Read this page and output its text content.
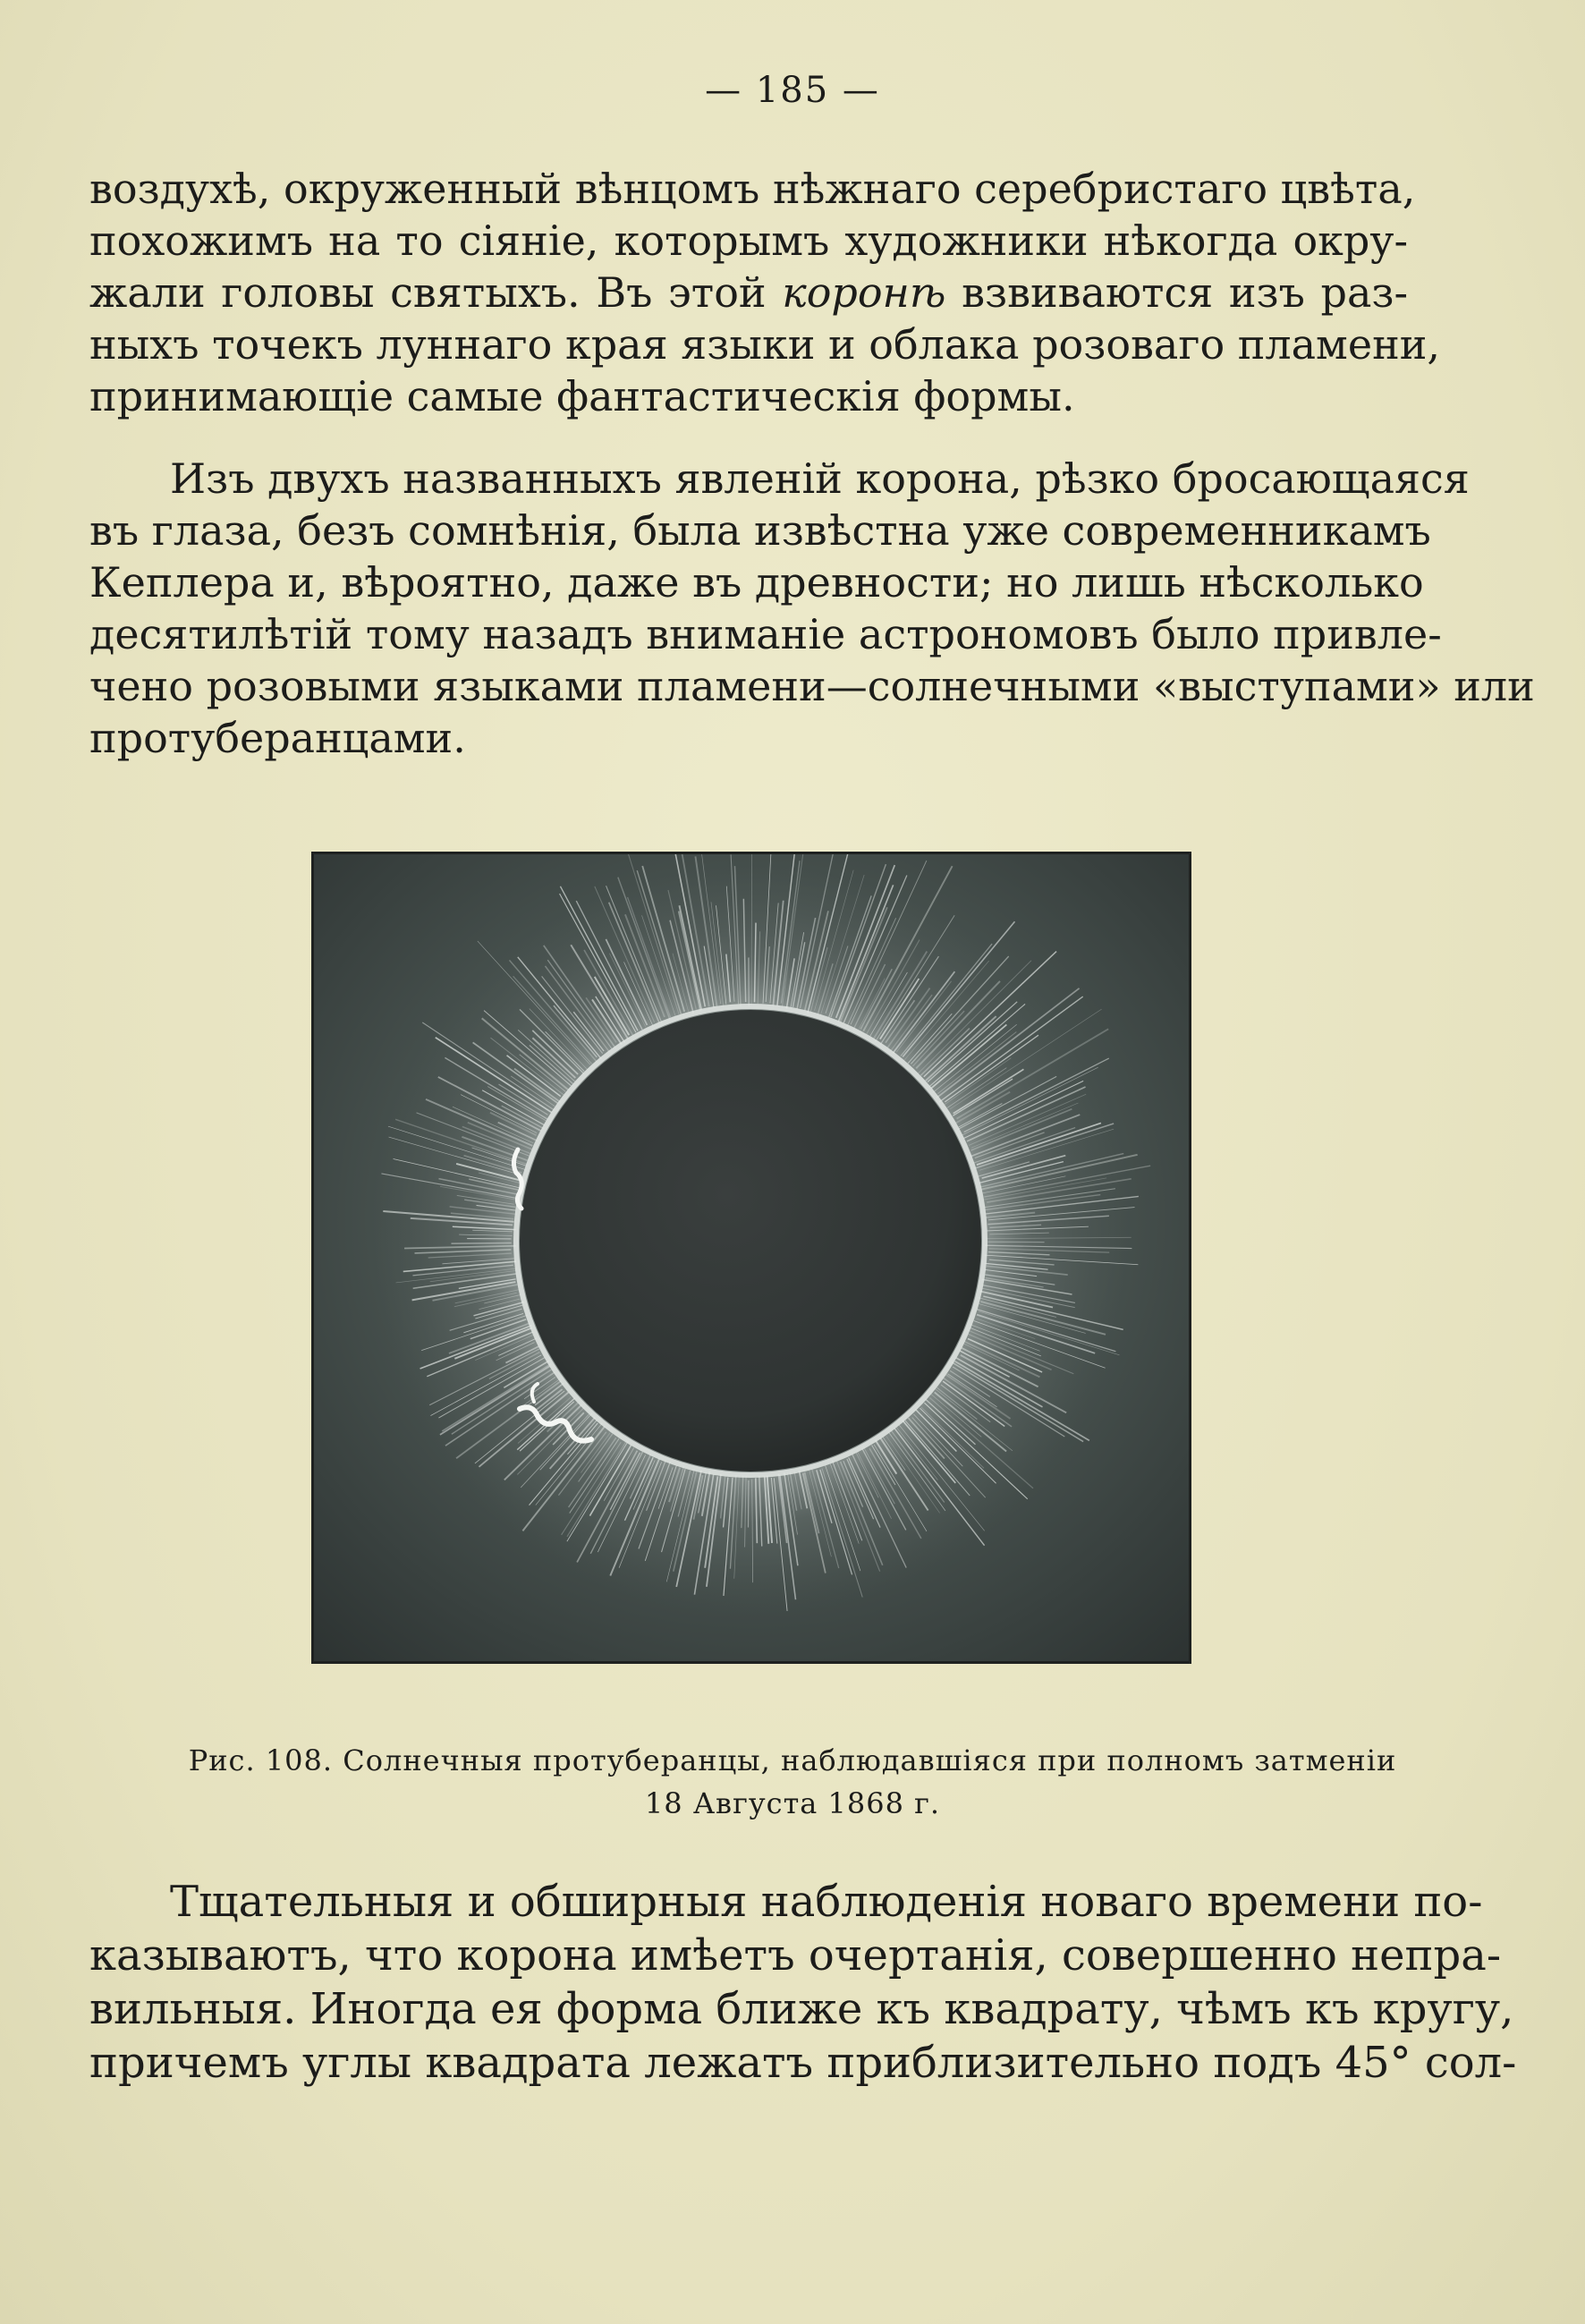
— 185 —
воздухѣ, окруженный вѣнцомъ нѣжнаго серебристаго цвѣта,
похожимъ на то сіяніе, которымъ художники нѣкогда окру-
жали головы святыхъ. Въ этой коронѣ взвиваются изъ раз-
ныхъ точекъ луннаго края языки и облака розоваго пламени,
принимающіе самые фантастическія формы.
Изъ двухъ названныхъ явленій корона, рѣзко бросающаяся
въ глаза, безъ сомнѣнія, была извѣстна уже современникамъ
Кеплера и, вѣроятно, даже въ древности; но лишь нѣсколько
десятилѣтій тому назадъ вниманіе астрономовъ было привле-
чено розовыми языками пламени—солнечными «выступами» или
протуберанцами.
Рис. 108. Солнечныя протуберанцы, наблюдавшіяся при полномъ затменіи
18 Августа 1868 г.
Тщательныя и обширныя наблюденія новаго времени по-
казываютъ, что корона имѣетъ очертанія, совершенно непра-
вильныя. Иногда ея форма ближе къ квадрату, чѣмъ къ кругу,
причемъ углы квадрата лежатъ приблизительно подъ 45° сол-
